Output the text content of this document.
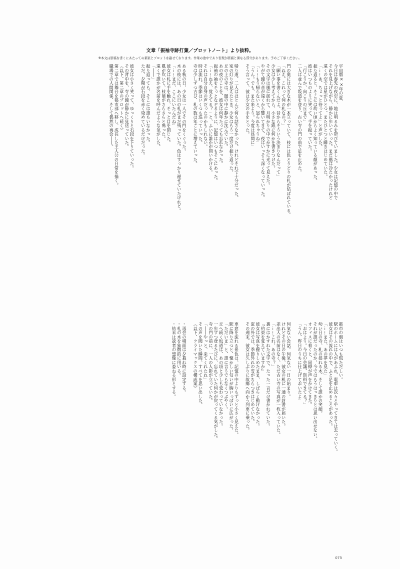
文章「振袖寺跡打葉／プロットノート」より抜粋。
※本文は原稿を書くにあたっての素案とプロットを載せております。作業の途中であり表現が原稿と異なる部分があります。予めご了承ください。
宇宙暦××年の夏、
今日は春先の夜空に、地は明るみを帯びていました。少女は記憶の中で
それを見上げながら、静かに歩いていった。まだ風は冷たかったけれど
遠くの空では星がひとつ、またひとつと瞬きはじめていた。
「……あ、ちょっと待ってよ」と声がした。
振り返ると、そこには幼い頃からよく知っている顔があった。
彼はいつものように笑って、手を振っていた。
「行こうか、向こうの丘まで」
二人は並んで坂道を登り、古い寺の門の前で足を止めた。
門の奥には大きな木が一本立っていて、枝には色とりどりの札が結ばれている。
「ねえ、これって何の札なの？」
「願い事を書くんだよ。昔からそういう決まりなんだって」
少女は少し考えてから、小さな紙に何かを書きつけた。
その文字は風に揺れて、月明かりの中でかすかに光って見えた。
やがて鐘の音が遠くから響いてきて、夜はいっそう深くなっていった。
「……もう帰らないと、怒られちゃうね」
「うん。でも、また来よう。今度は昼間に」
そう言って、彼は少女の手をとった。
帰り道、二人はほとんど何も話さなかった。けれどそれで十分だった。
家の灯りが見えたとき、少女はもう一度だけ振り返った。
丘の上の寺は、闇の中に静かに沈んでいた。
あの夜のことを、彼女は何年たっても忘れなかった。
振袖の袖をそっとなぞるように、記憶はいつもそこにあった。
「……ねえ、覚えてる？」と、ふいに誰かが問いかける。
それは自分自身の声だったのかもしれない。
時は流れ、季節はいくつも巡っていった。
寺は少しずつ古び、札の数は年ごとに増えていった。
ある秋の日、少女は一人でその門をくぐった。
木の枝には、あの日の札がまだ残っていた。色はすっかり褪せていたけれど。
「……まだ、ここにいたんだね」
彼女は札に手を触れ、そっと目を閉じた。
風が吹いて、枝葉がさらさらと鳴った。
遠くで誰かが名前を呼んだような気がした。
「――」
振り返っても、そこには誰もいなかった。
ただ、夕陽が石段を赤く染めているだけだった。
彼女は小さく笑って、ゆっくりと石段を下りていった。
その背中を、寺の鐘が静かに見送っていた。
（以下、第二章のプロットへ続く）
第二章では舞台を都市部へ移し、成長した主人公の日常を描く。
職場での人間関係、そして偶然の再会――。
都市の朝はいつも慌ただしい。
駅のホームには人があふれ、電車は次々とやってきては去っていく。
彼女はその流れの中で、ふと足を止めることがあった。
「……また、あの夢を見た」
幼い日の寺、札の揺れる木、そして誰かの笑顔。
それが誰だったのか、今ではもうはっきりとは思い出せない。
オフィスに着くと、同僚が声をかけてきた。
「おはよう。今日の会議、資料できてる？」
「うん、昨日のうちに仕上げておいたよ」
何気ない会話。何気ない一日の始まり。
けれどその日の午後、彼女の机に一通の封書が届いた。
差出人の名前はなく、ただ古い寺の写真が一枚入っていた。
「……これ、あの寺？」
裏にはかすれた文字で、たった一言だけ書かれていた。
『約束を覚えていますか』
彼女は写真を握りしめたまま、しばらく動けなかった。
窓の外では、季節外れの雪がちらつきはじめていた。
その週末、彼女は久しぶりに故郷へ向かう列車に乗った。
車窓を流れる景色は、記憶の中よりもずっと小さく見えた。
駅に降り立つと、懐かしい匂いが胸いっぱいに広がった。
「ただいま」と、誰に言うでもなくつぶやく。
丘へ続く坂道は、あの頃と少しも変わっていなかった。
一歩ずつ登るたびに、忘れていた何かが戻ってくる気がした。
寺の門の前に、一人の人影が立っていた。
「――やっと、来てくれたね」
その声を聞いた瞬間、すべてを思い出した。
（以下、クライマックスの構成案）
・再会の場面は夕暮れ時に設定する。
・札の木を象徴的に用いる。
・結末は読者の想像に委ねる形とする。
075
